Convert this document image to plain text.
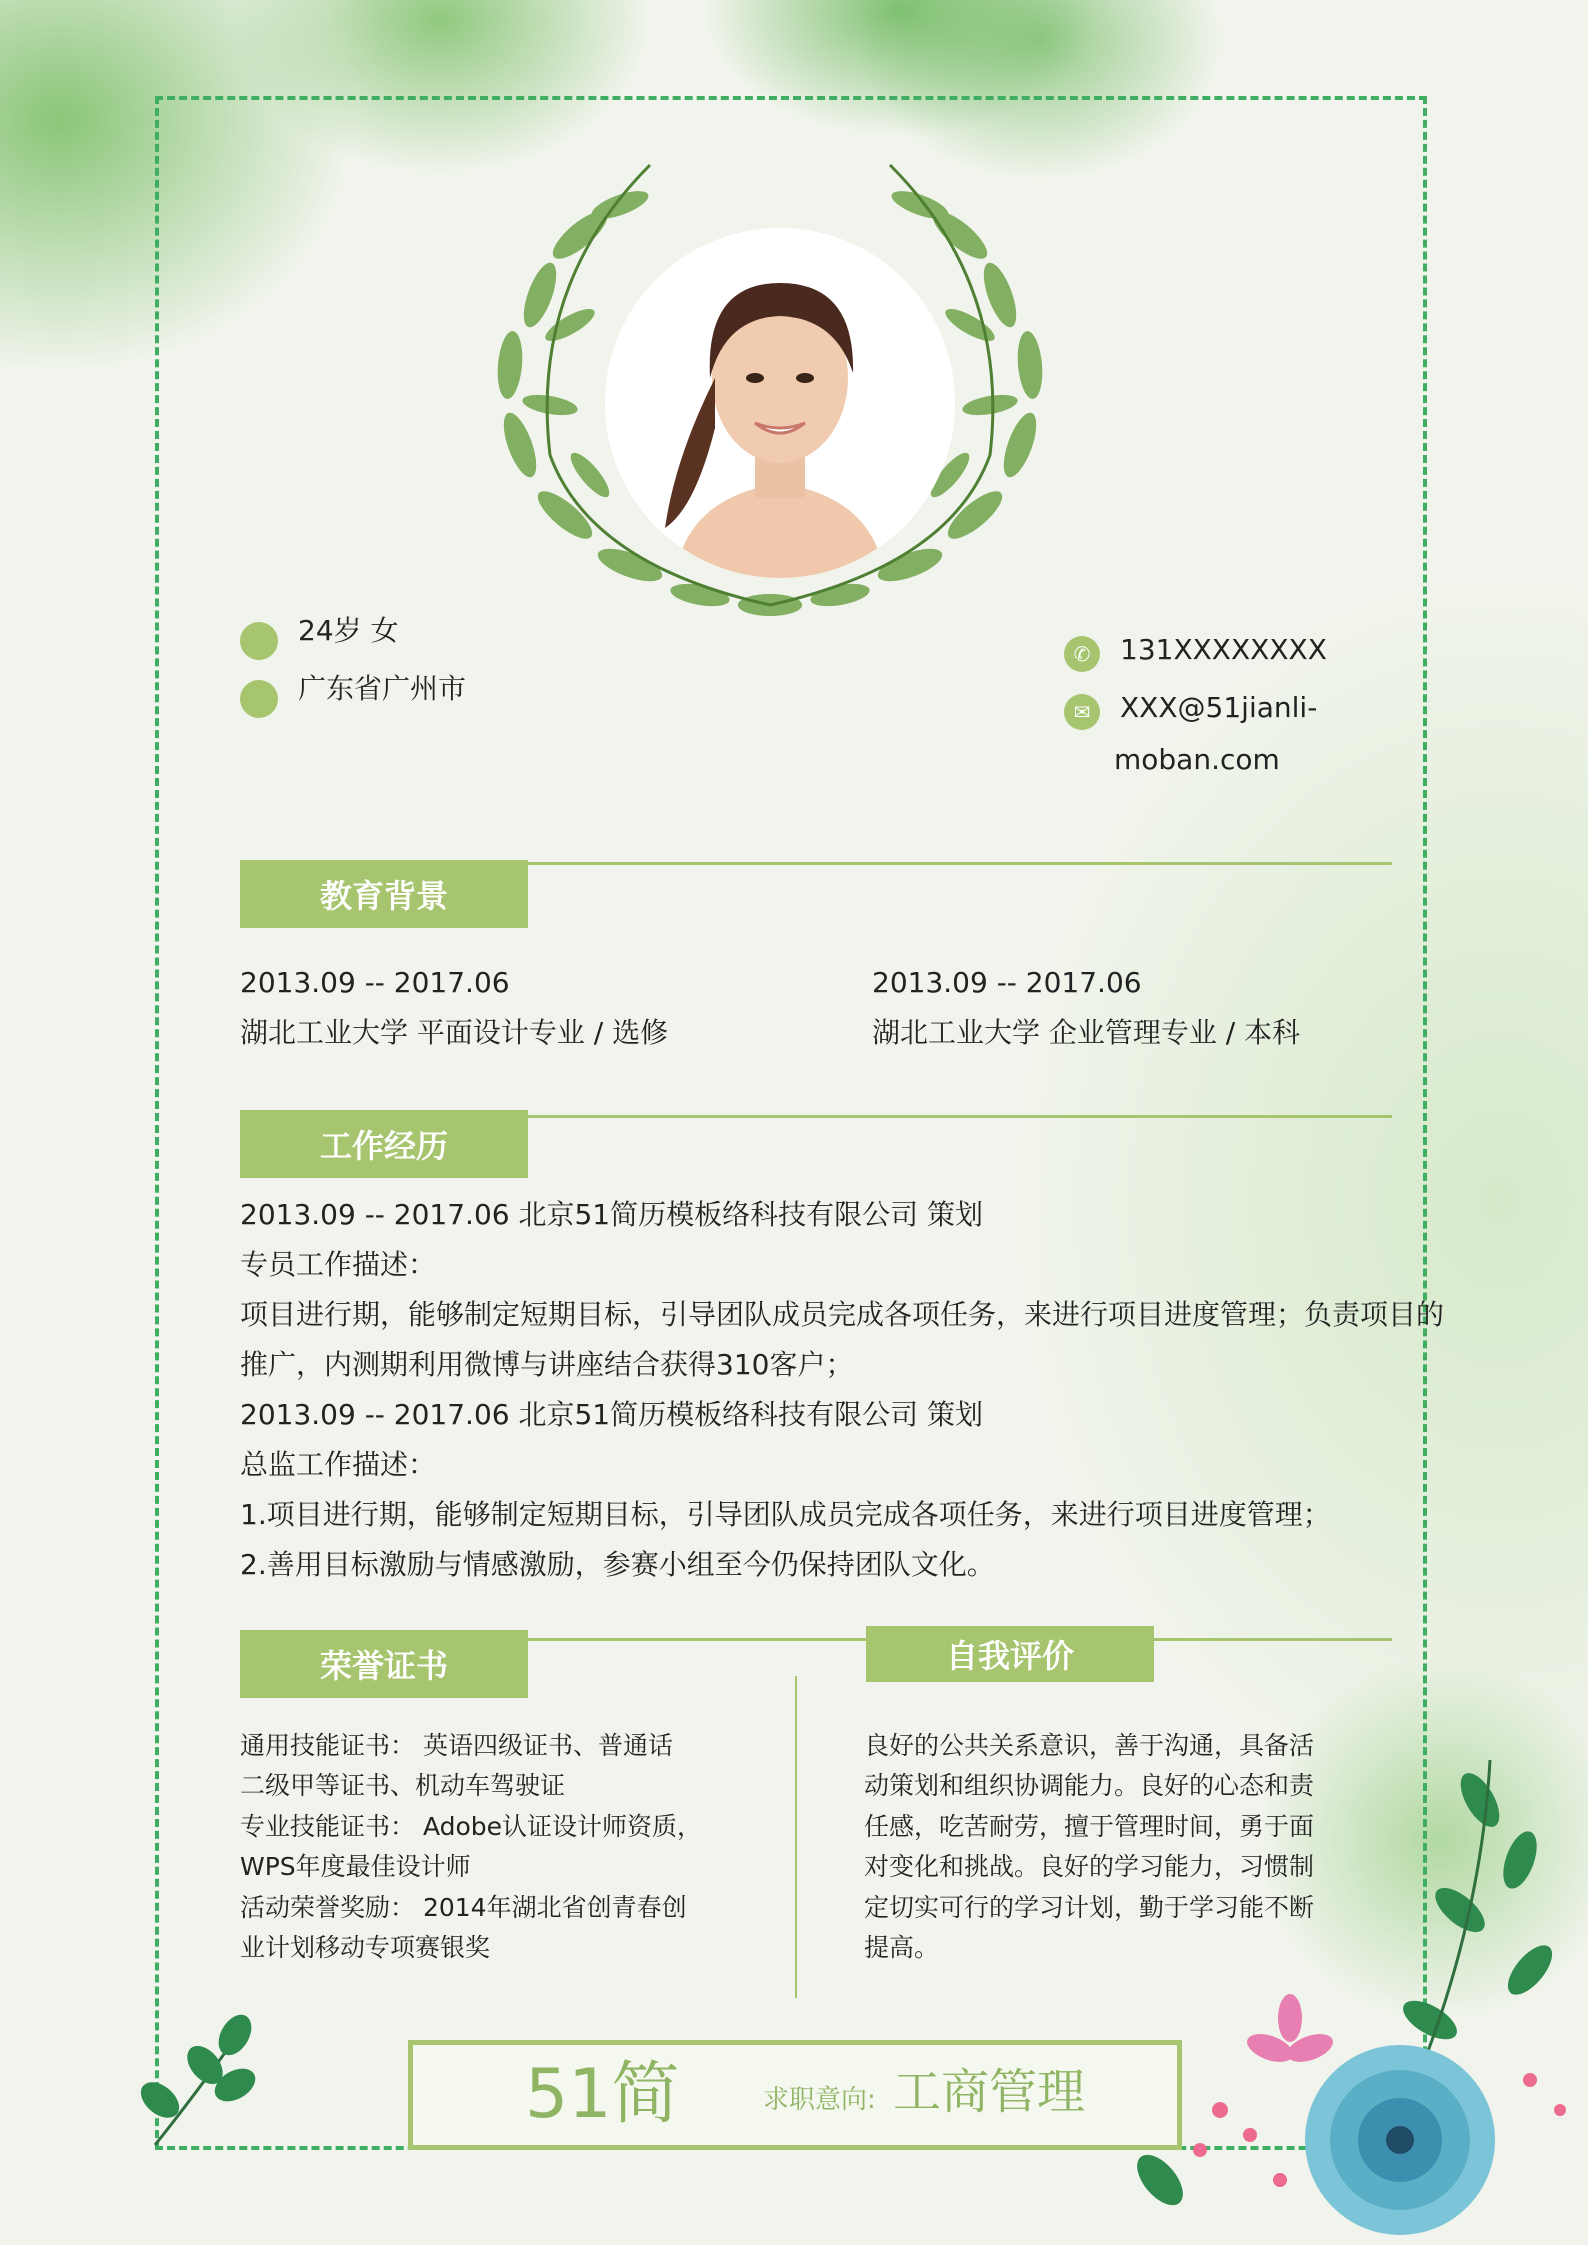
24岁 女
广东省广州市
✆	131XXXXXXXX
✉	XXX@51jianli-
moban.com
教育背景
2013.09 -- 2017.06
湖北工业大学 平面设计专业 / 选修
2013.09 -- 2017.06
湖北工业大学 企业管理专业 / 本科
工作经历
2013.09 -- 2017.06 北京51简历模板络科技有限公司 策划
专员工作描述：
项目进行期，能够制定短期目标，引导团队成员完成各项任务，来进行项目进度管理；负责项目的
推广，内测期利用微博与讲座结合获得310客户；
2013.09 -- 2017.06 北京51简历模板络科技有限公司 策划
总监工作描述：
1.项目进行期，能够制定短期目标，引导团队成员完成各项任务，来进行项目进度管理；
2.善用目标激励与情感激励，参赛小组至今仍保持团队文化。
荣誉证书	自我评价
通用技能证书： 英语四级证书、普通话
二级甲等证书、机动车驾驶证
专业技能证书： Adobe认证设计师资质，
WPS年度最佳设计师
活动荣誉奖励： 2014年湖北省创青春创
业计划移动专项赛银奖
良好的公共关系意识，善于沟通，具备活
动策划和组织协调能力。良好的心态和责
任感，吃苦耐劳，擅于管理时间，勇于面
对变化和挑战。良好的学习能力，习惯制
定切实可行的学习计划，勤于学习能不断
提高。
51简	求职意向: 工商管理
